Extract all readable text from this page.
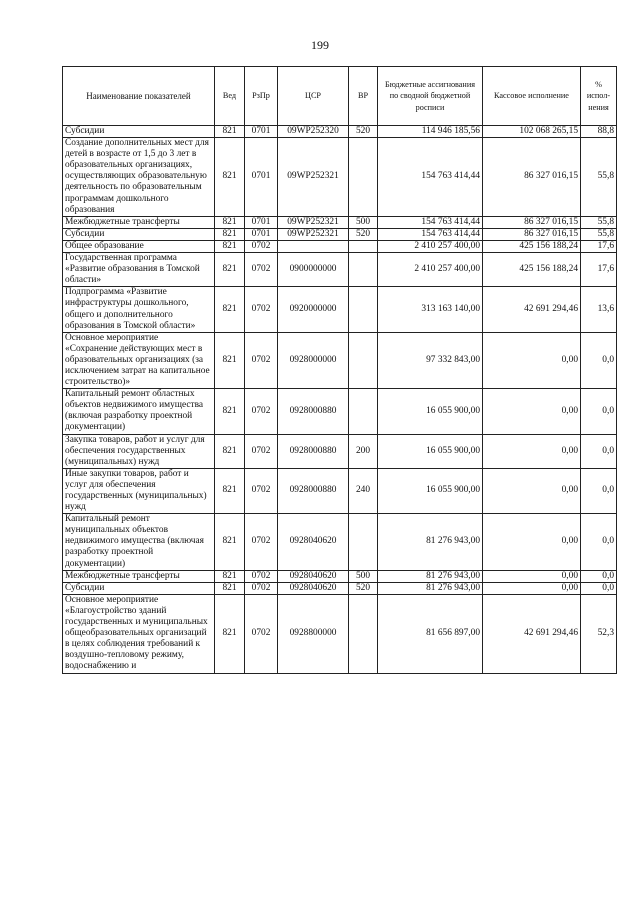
199
Наименование показателей	Вед	РзПр	ЦСР	ВР	Бюджетные ассигнования по сводной бюджетной росписи	Кассовое исполнение	% испол-нения
Субсидии	821	0701	09WP252320	520	114 946 185,56	102 068 265,15	88,8
Создание дополнительных мест для детей в возрасте от 1,5 до 3 лет в образовательных организациях, осуществляющих образовательную деятельность по образовательным программам дошкольного образования	821	0701	09WP252321		154 763 414,44	86 327 016,15	55,8
Межбюджетные трансферты	821	0701	09WP252321	500	154 763 414,44	86 327 016,15	55,8
Субсидии	821	0701	09WP252321	520	154 763 414,44	86 327 016,15	55,8
Общее образование	821	0702			2 410 257 400,00	425 156 188,24	17,6
Государственная программа «Развитие образования в Томской области»	821	0702	0900000000		2 410 257 400,00	425 156 188,24	17,6
Подпрограмма «Развитие инфраструктуры дошкольного, общего и дополнительного образования в Томской области»	821	0702	0920000000		313 163 140,00	42 691 294,46	13,6
Основное мероприятие «Сохранение действующих мест в образовательных организациях (за исключением затрат на капитальное строительство)»	821	0702	0928000000		97 332 843,00	0,00	0,0
Капитальный ремонт областных объектов недвижимого имущества (включая разработку проектной документации)	821	0702	0928000880		16 055 900,00	0,00	0,0
Закупка товаров, работ и услуг для обеспечения государственных (муниципальных) нужд	821	0702	0928000880	200	16 055 900,00	0,00	0,0
Иные закупки товаров, работ и услуг для обеспечения государственных (муниципальных) нужд	821	0702	0928000880	240	16 055 900,00	0,00	0,0
Капитальный ремонт муниципальных объектов недвижимого имущества (включая разработку проектной документации)	821	0702	0928040620		81 276 943,00	0,00	0,0
Межбюджетные трансферты	821	0702	0928040620	500	81 276 943,00	0,00	0,0
Субсидии	821	0702	0928040620	520	81 276 943,00	0,00	0,0
Основное мероприятие «Благоустройство зданий государственных и муниципальных общеобразовательных организаций в целях соблюдения требований к воздушно-тепловому режиму, водоснабжению и	821	0702	0928800000		81 656 897,00	42 691 294,46	52,3
